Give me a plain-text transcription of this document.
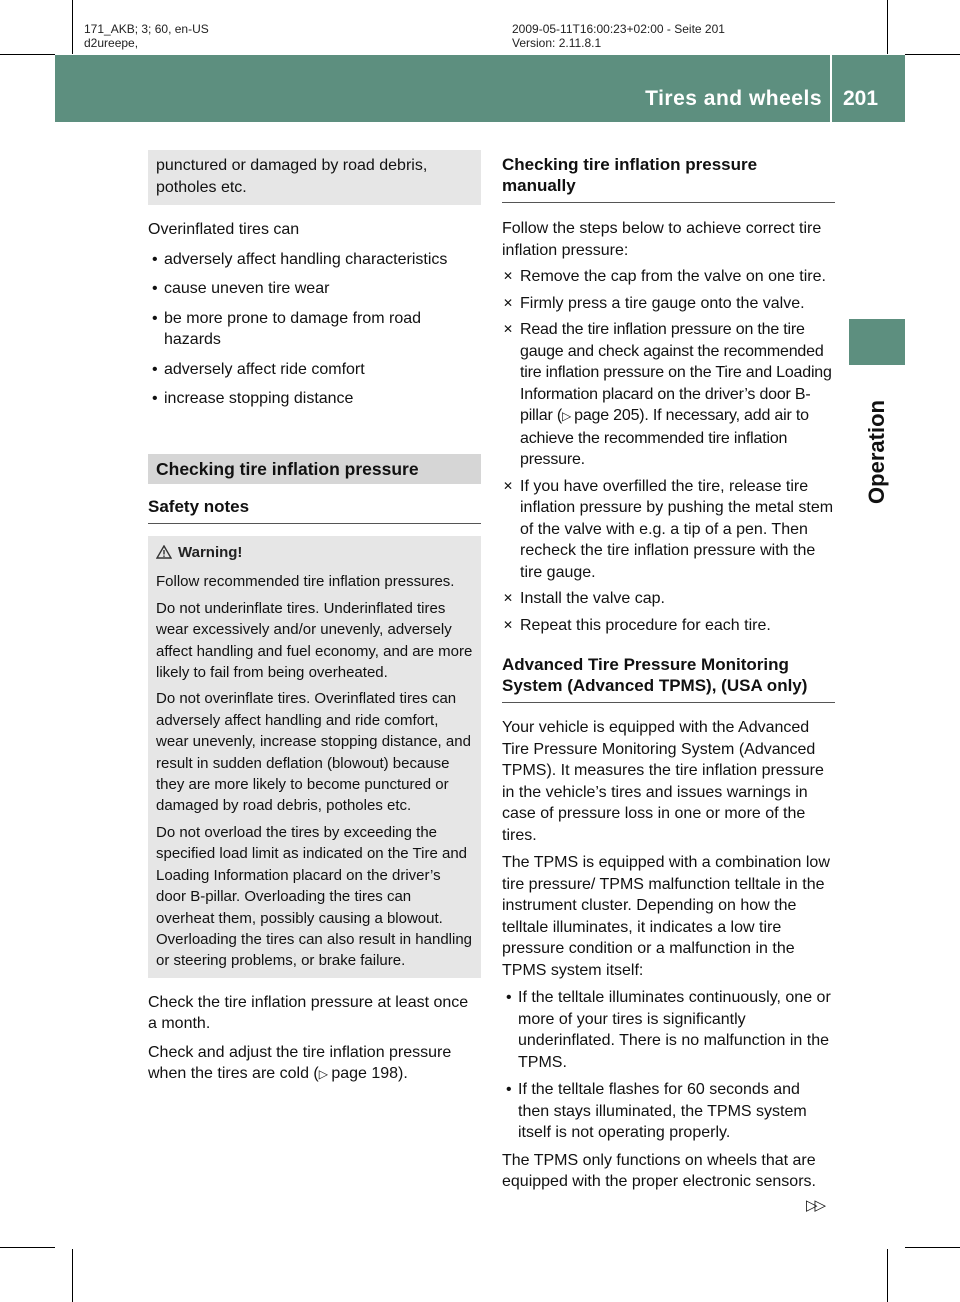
171_AKB; 3; 60, en-US
d2ureepe,
2009-05-11T16:00:23+02:00 - Seite 201
Version: 2.11.8.1
Tires and wheels 201
Operation

punctured or damaged by road debris,

potholes etc.

Overinflated tires can

• adversely affect handling characteristics

• cause uneven tire wear

• be more prone to damage from road hazards

• adversely affect ride comfort

• increase stopping distance

Checking tire inflation pressure
Safety notes

Warning!

Follow recommended tire inflation pressures.

Do not underinflate tires. Underinflated tires wear excessively and/or unevenly, adversely affect handling and fuel economy, and are more likely to fail from being overheated.

Do not overinflate tires. Overinflated tires can adversely affect handling and ride comfort, wear unevenly, increase stopping distance, and result in sudden deflation (blowout) because they are more likely to become punctured or damaged by road debris, potholes etc.

Do not overload the tires by exceeding the specified load limit as indicated on the Tire and Loading Information placard on the driver’s door B-pillar. Overloading the tires can overheat them, possibly causing a blowout. Overloading the tires can also result in handling or steering problems, or brake failure.

Check the tire inflation pressure at least once a month.

Check and adjust the tire inflation pressure when the tires are cold (▷ page 198).

Checking tire inflation pressure manually

Follow the steps below to achieve correct tire inflation pressure:

✕ Remove the cap from the valve on one tire.

✕ Firmly press a tire gauge onto the valve.

✕ Read the tire inflation pressure on the tire gauge and check against the recommended tire inflation pressure on the Tire and Loading Information placard on the driver’s door B-pillar (▷ page 205). If necessary, add air to achieve the recommended tire inflation pressure.

✕ If you have overfilled the tire, release tire inflation pressure by pushing the metal stem of the valve with e.g. a tip of a pen. Then recheck the tire inflation pressure with the tire gauge.

✕ Install the valve cap.

✕ Repeat this procedure for each tire.

Advanced Tire Pressure Monitoring System (Advanced TPMS), (USA only)

Your vehicle is equipped with the Advanced Tire Pressure Monitoring System (Advanced TPMS). It measures the tire inflation pressure in the vehicle’s tires and issues warnings in case of pressure loss in one or more of the tires.

The TPMS is equipped with a combination low tire pressure/ TPMS malfunction telltale in the instrument cluster. Depending on how the telltale illuminates, it indicates a low tire pressure condition or a malfunction in the TPMS system itself:

• If the telltale illuminates continuously, one or more of your tires is significantly underinflated. There is no malfunction in the TPMS.

• If the telltale flashes for 60 seconds and then stays illuminated, the TPMS system itself is not operating properly.

The TPMS only functions on wheels that are equipped with the proper electronic sensors.

▷▷
